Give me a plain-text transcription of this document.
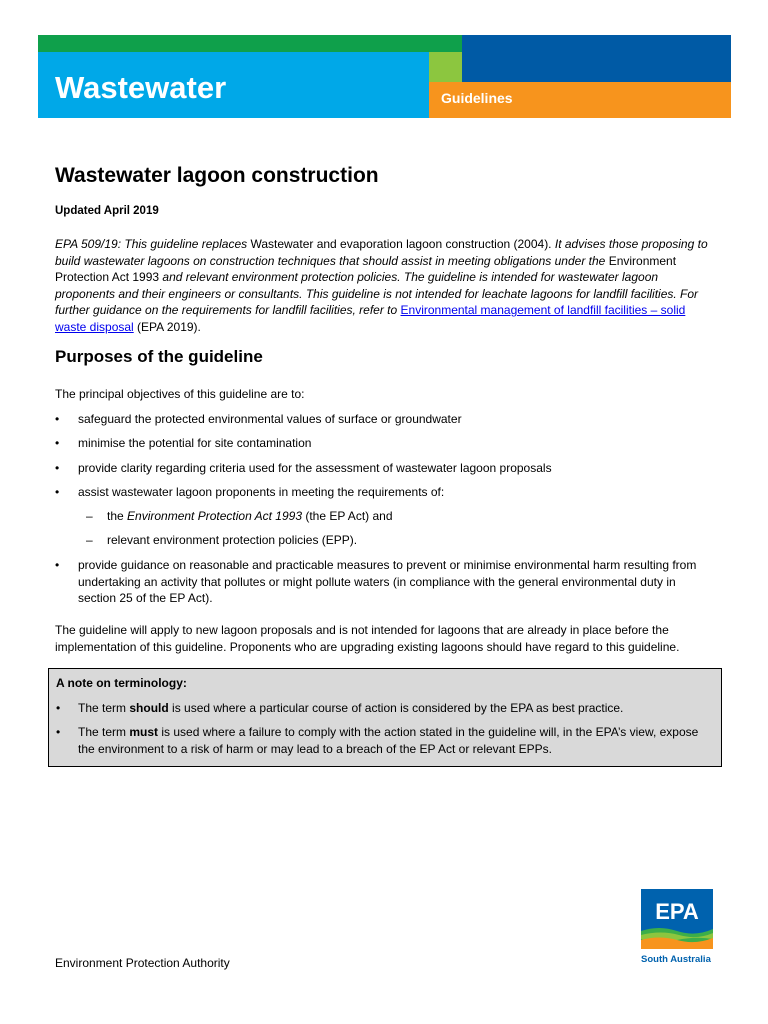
Wastewater	Guidelines
Wastewater lagoon construction
Updated April 2019
EPA 509/19: This guideline replaces Wastewater and evaporation lagoon construction (2004). It advises those proposing to build wastewater lagoons on construction techniques that should assist in meeting obligations under the Environment Protection Act 1993 and relevant environment protection policies. The guideline is intended for wastewater lagoon proponents and their engineers or consultants. This guideline is not intended for leachate lagoons for landfill facilities. For further guidance on the requirements for landfill facilities, refer to Environmental management of landfill facilities – solid waste disposal (EPA 2019).
Purposes of the guideline
The principal objectives of this guideline are to:
• safeguard the protected environmental values of surface or groundwater
• minimise the potential for site contamination
• provide clarity regarding criteria used for the assessment of wastewater lagoon proposals
• assist wastewater lagoon proponents in meeting the requirements of:
– the Environment Protection Act 1993 (the EP Act) and
– relevant environment protection policies (EPP).
• provide guidance on reasonable and practicable measures to prevent or minimise environmental harm resulting from undertaking an activity that pollutes or might pollute waters (in compliance with the general environmental duty in section 25 of the EP Act).
The guideline will apply to new lagoon proposals and is not intended for lagoons that are already in place before the implementation of this guideline. Proponents who are upgrading existing lagoons should have regard to this guideline.
A note on terminology:
• The term should is used where a particular course of action is considered by the EPA as best practice.
• The term must is used where a failure to comply with the action stated in the guideline will, in the EPA’s view, expose the environment to a risk of harm or may lead to a breach of the EP Act or relevant EPPs.
Environment Protection Authority
EPA
South Australia
